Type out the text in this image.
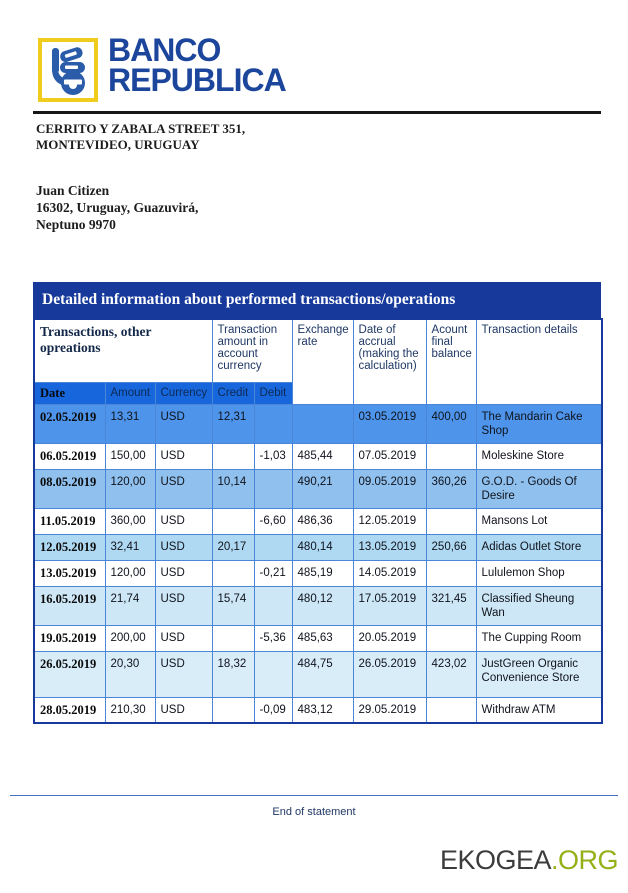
BANCO
REPUBLICA
CERRITO Y ZABALA STREET 351,
MONTEVIDEO, URUGUAY
Juan Citizen
16302, Uruguay, Guazuvirá,
Neptuno 9970
Detailed information about performed transactions/operations
Transactions, other opreations			Transaction amount in account currency		Exchange rate	Date of accrual (making the calculation)	Acount final balance	Transaction details
Date	Amount	Currency	Credit	Debit				
02.05.2019	13,31	USD	12,31			03.05.2019	400,00	The Mandarin Cake Shop
06.05.2019	150,00	USD		-1,03	485,44	07.05.2019		Moleskine Store
08.05.2019	120,00	USD	10,14		490,21	09.05.2019	360,26	G.O.D. - Goods Of Desire
11.05.2019	360,00	USD		-6,60	486,36	12.05.2019		Mansons Lot
12.05.2019	32,41	USD	20,17		480,14	13.05.2019	250,66	Adidas Outlet Store
13.05.2019	120,00	USD		-0,21	485,19	14.05.2019		Lululemon Shop
16.05.2019	21,74	USD	15,74		480,12	17.05.2019	321,45	Classified Sheung Wan
19.05.2019	200,00	USD		-5,36	485,63	20.05.2019		The Cupping Room
26.05.2019	20,30	USD	18,32		484,75	26.05.2019	423,02	JustGreen Organic Convenience Store
28.05.2019	210,30	USD		-0,09	483,12	29.05.2019		Withdraw ATM
End of statement
EKOGEA.ORG
